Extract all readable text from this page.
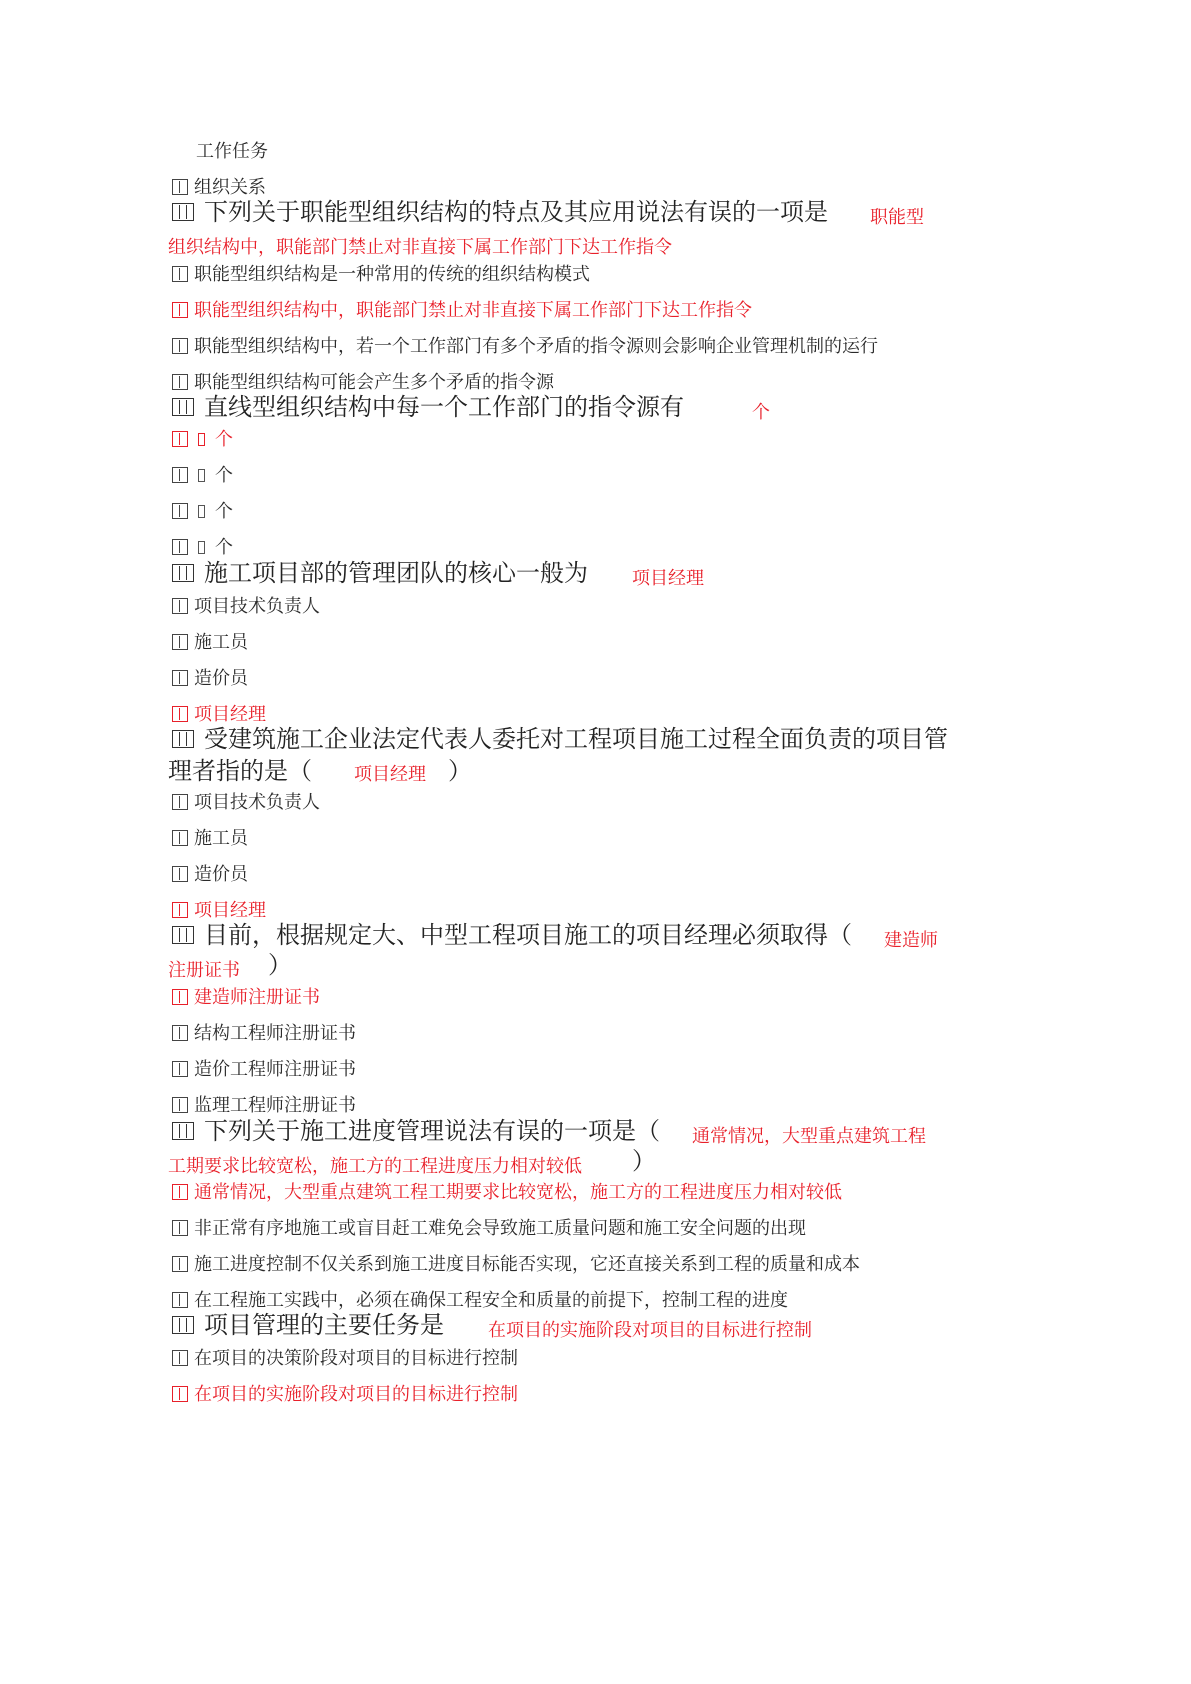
工作任务
组织关系
下列关于职能型组织结构的特点及其应用说法有误的一项是 职能型
组织结构中，职能部门禁止对非直接下属工作部门下达工作指令
职能型组织结构是一种常用的传统的组织结构模式
职能型组织结构中，职能部门禁止对非直接下属工作部门下达工作指令
职能型组织结构中，若一个工作部门有多个矛盾的指令源则会影响企业管理机制的运行
职能型组织结构可能会产生多个矛盾的指令源
直线型组织结构中每一个工作部门的指令源有	个
个
个
个
个
施工项目部的管理团队的核心一般为 项目经理
项目技术负责人
施工员
造价员
项目经理
受建筑施工企业法定代表人委托对工程项目施工过程全面负责的项目管
理者指的是（ 项目经理 ）
项目技术负责人
施工员
造价员
项目经理
目前，根据规定大、中型工程项目施工的项目经理必须取得（ 建造师
注册证书 ）
建造师注册证书
结构工程师注册证书
造价工程师注册证书
监理工程师注册证书
下列关于施工进度管理说法有误的一项是（ 通常情况，大型重点建筑工程
工期要求比较宽松，施工方的工程进度压力相对较低 ）
通常情况，大型重点建筑工程工期要求比较宽松，施工方的工程进度压力相对较低
非正常有序地施工或盲目赶工难免会导致施工质量问题和施工安全问题的出现
施工进度控制不仅关系到施工进度目标能否实现，它还直接关系到工程的质量和成本
在工程施工实践中，必须在确保工程安全和质量的前提下，控制工程的进度
项目管理的主要任务是 在项目的实施阶段对项目的目标进行控制
在项目的决策阶段对项目的目标进行控制
在项目的实施阶段对项目的目标进行控制
